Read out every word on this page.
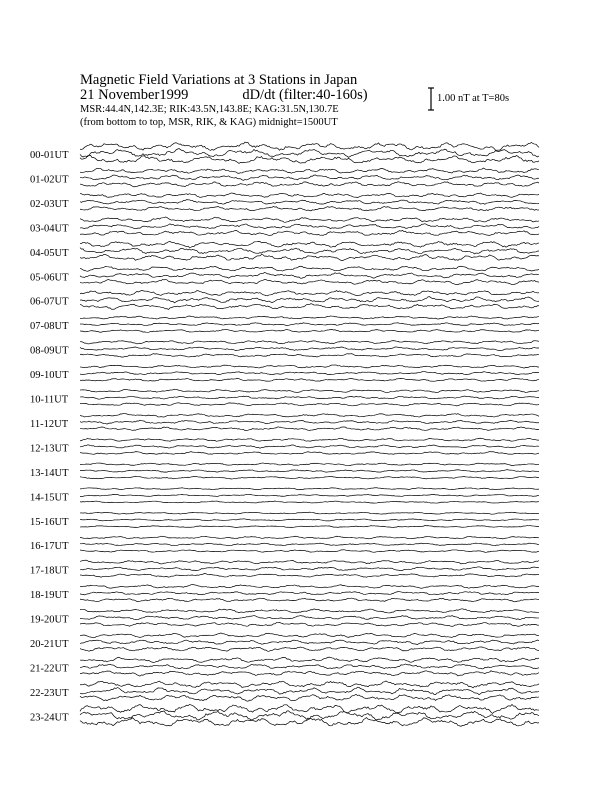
Magnetic Field Variations at 3 Stations in Japan
21 November1999	dD/dt (filter:40-160s)
MSR:44.4N,142.3E; RIK:43.5N,143.8E; KAG:31.5N,130.7E
(from bottom to top, MSR, RIK, & KAG) midnight=1500UT
1.00 nT at T=80s
00-01UT
01-02UT
02-03UT
03-04UT
04-05UT
05-06UT
06-07UT
07-08UT
08-09UT
09-10UT
10-11UT
11-12UT
12-13UT
13-14UT
14-15UT
15-16UT
16-17UT
17-18UT
18-19UT
19-20UT
20-21UT
21-22UT
22-23UT
23-24UT
